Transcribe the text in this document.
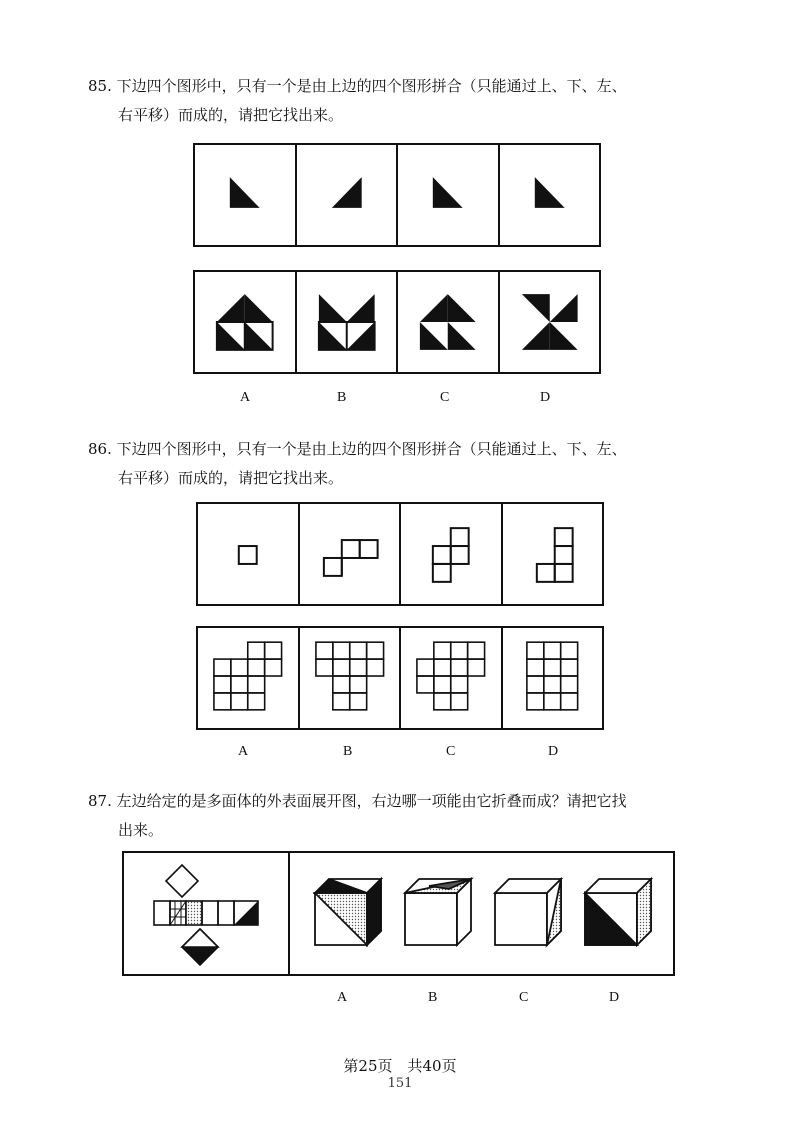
85. 下边四个图形中，只有一个是由上边的四个图形拼合（只能通过上、下、左、
右平移）而成的，请把它找出来。
A	B	C	D
86. 下边四个图形中，只有一个是由上边的四个图形拼合（只能通过上、下、左、
右平移）而成的，请把它找出来。
A	B	C	D
87. 左边给定的是多面体的外表面展开图，右边哪一项能由它折叠而成？请把它找
出来。
A	B	C	D
第25页　共40页
151
